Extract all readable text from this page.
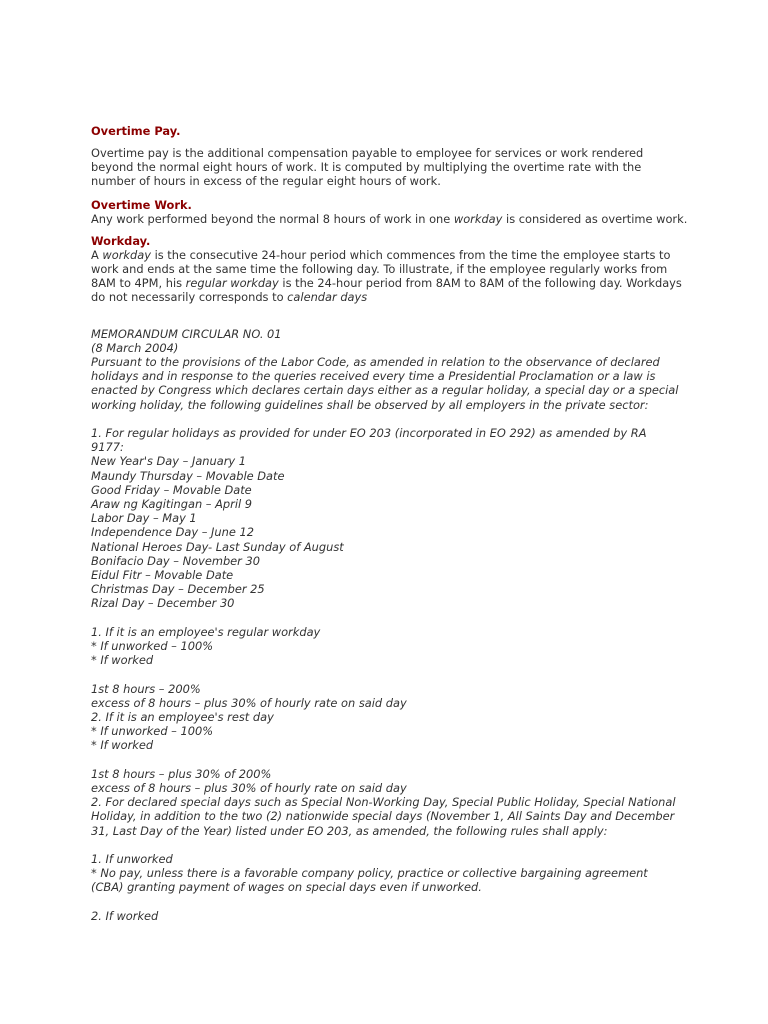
Overtime Pay.

Overtime pay is the additional compensation payable to employee for services or work rendered beyond the normal eight hours of work. It is computed by multiplying the overtime rate with the number of hours in excess of the regular eight hours of work.

Overtime Work.

Any work performed beyond the normal 8 hours of work in one workday is considered as overtime work.

Workday.

A workday is the consecutive 24-hour period which commences from the time the employee starts to work and ends at the same time the following day. To illustrate, if the employee regularly works from 8AM to 4PM, his regular workday is the 24-hour period from 8AM to 8AM of the following day. Workdays do not necessarily corresponds to calendar days

MEMORANDUM CIRCULAR NO. 01
(8 March 2004)
Pursuant to the provisions of the Labor Code, as amended in relation to the observance of declared
holidays and in response to the queries received every time a Presidential Proclamation or a law is
enacted by Congress which declares certain days either as a regular holiday, a special day or a special
working holiday, the following guidelines shall be observed by all employers in the private sector:
1. For regular holidays as provided for under EO 203 (incorporated in EO 292) as amended by RA
9177:
New Year's Day – January 1
Maundy Thursday – Movable Date
Good Friday – Movable Date
Araw ng Kagitingan – April 9
Labor Day – May 1
Independence Day – June 12
National Heroes Day- Last Sunday of August
Bonifacio Day – November 30
Eidul Fitr – Movable Date
Christmas Day – December 25
Rizal Day – December 30
1. If it is an employee's regular workday
* If unworked – 100%
* If worked
1st 8 hours – 200%
excess of 8 hours – plus 30% of hourly rate on said day
2. If it is an employee's rest day
* If unworked – 100%
* If worked
1st 8 hours – plus 30% of 200%
excess of 8 hours – plus 30% of hourly rate on said day
2. For declared special days such as Special Non-Working Day, Special Public Holiday, Special National
Holiday, in addition to the two (2) nationwide special days (November 1, All Saints Day and December
31, Last Day of the Year) listed under EO 203, as amended, the following rules shall apply:
1. If unworked
* No pay, unless there is a favorable company policy, practice or collective bargaining agreement
(CBA) granting payment of wages on special days even if unworked.
2. If worked
